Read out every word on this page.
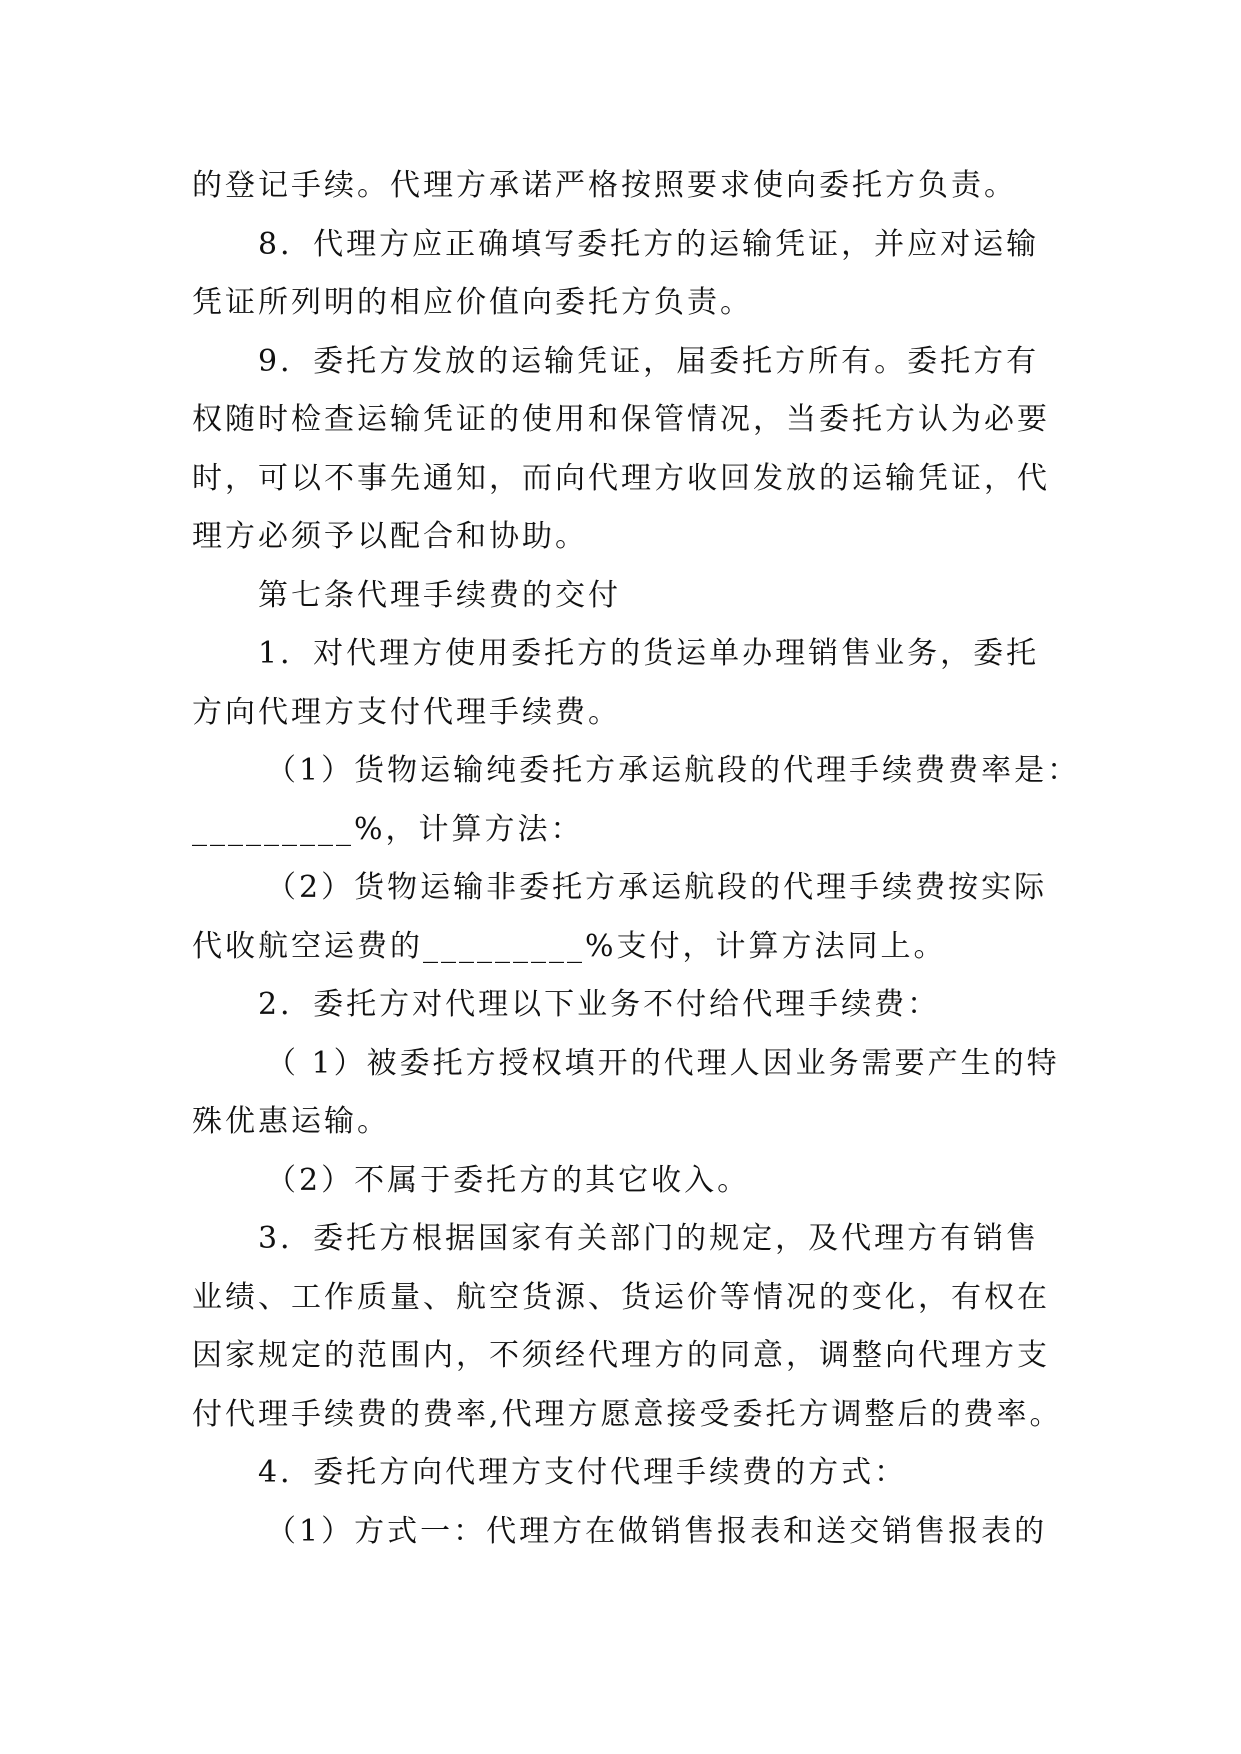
的登记手续。代理方承诺严格按照要求使向委托方负责。
8．代理方应正确填写委托方的运输凭证，并应对运输
凭证所列明的相应价值向委托方负责。
9．委托方发放的运输凭证，届委托方所有。委托方有
权随时检查运输凭证的使用和保管情况，当委托方认为必要
时，可以不事先通知，而向代理方收回发放的运输凭证，代
理方必须予以配合和协助。
第七条代理手续费的交付
1．对代理方使用委托方的货运单办理销售业务，委托
方向代理方支付代理手续费。
（1）货物运输纯委托方承运航段的代理手续费费率是：
_________%，计算方法：
（2）货物运输非委托方承运航段的代理手续费按实际
代收航空运费的_________%支付，计算方法同上。
2．委托方对代理以下业务不付给代理手续费：
（ 1）被委托方授权填开的代理人因业务需要产生的特
殊优惠运输。
（2）不属于委托方的其它收入。
3．委托方根据国家有关部门的规定，及代理方有销售
业绩、工作质量、航空货源、货运价等情况的变化，有权在
因家规定的范围内，不须经代理方的同意，调整向代理方支
付代理手续费的费率,代理方愿意接受委托方调整后的费率。
4．委托方向代理方支付代理手续费的方式：
（1）方式一：代理方在做销售报表和送交销售报表的
